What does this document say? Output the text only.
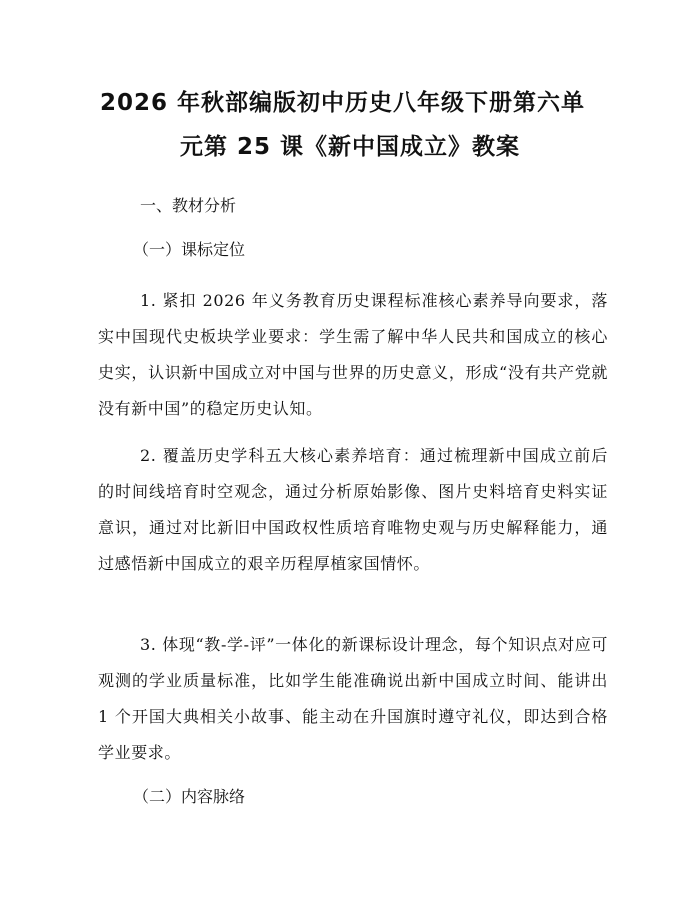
2026 年秋部编版初中历史八年级下册第六单
元第 25 课《新中国成立》教案
一、教材分析
（一）课标定位
1. 紧扣 2026 年义务教育历史课程标准核心素养导向要求，落实中国现代史板块学业要求：学生需了解中华人民共和国成立的核心史实，认识新中国成立对中国与世界的历史意义，形成“没有共产党就没有新中国”的稳定历史认知。
2. 覆盖历史学科五大核心素养培育：通过梳理新中国成立前后的时间线培育时空观念，通过分析原始影像、图片史料培育史料实证意识，通过对比新旧中国政权性质培育唯物史观与历史解释能力，通过感悟新中国成立的艰辛历程厚植家国情怀。
3. 体现“教-学-评”一体化的新课标设计理念，每个知识点对应可观测的学业质量标准，比如学生能准确说出新中国成立时间、能讲出 1 个开国大典相关小故事、能主动在升国旗时遵守礼仪，即达到合格学业要求。
（二）内容脉络
